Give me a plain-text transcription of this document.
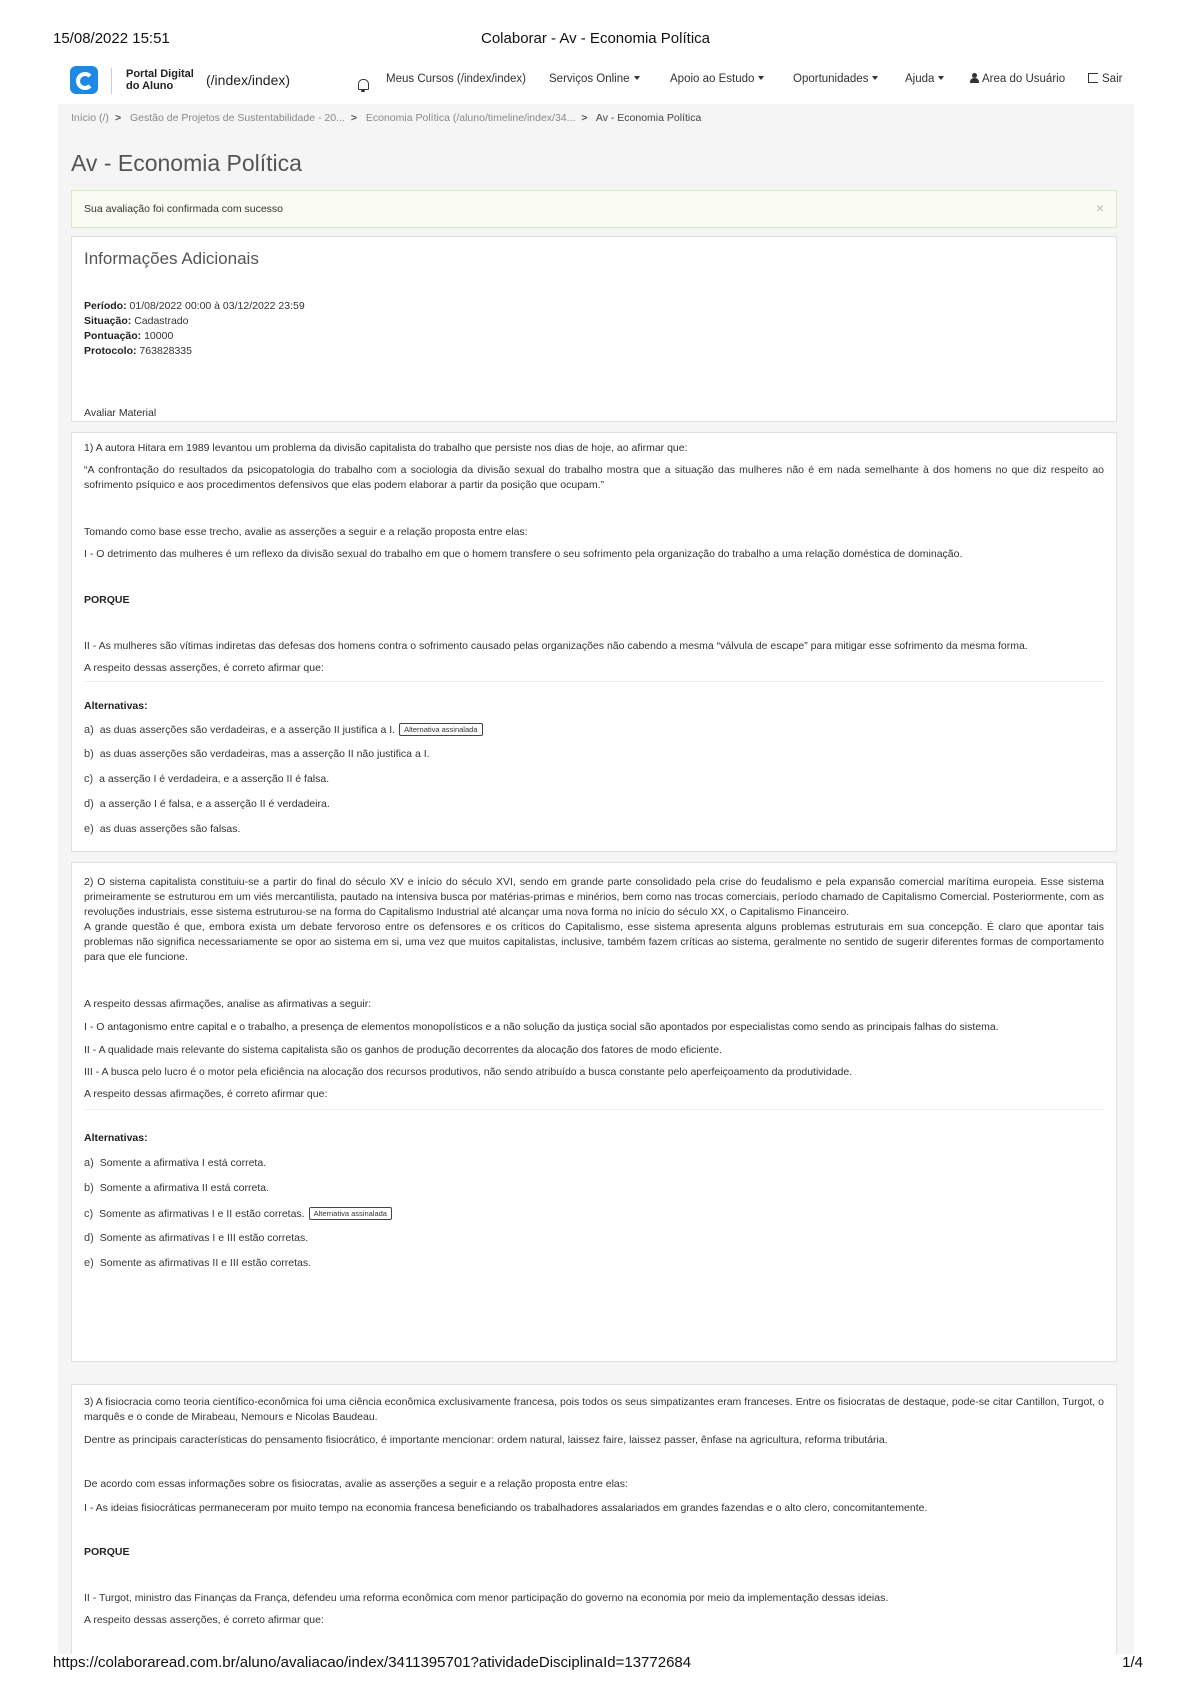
15/08/2022 15:51	Colaborar - Av - Economia Política
Portal Digital do Aluno	(/index/index)	Meus Cursos (/index/index) Serviços Online	Apoio ao Estudo	Oportunidades	Ajuda	Area do Usuário	Sair
Início (/) > Gestão de Projetos de Sustentabilidade - 20... > Economia Política (/aluno/timeline/index/34... > Av - Economia Política
Av - Economia Política
Sua avaliação foi confirmada com sucesso	×
Informações Adicionais
Período: 01/08/2022 00:00 à 03/12/2022 23:59
Situação: Cadastrado
Pontuação: 10000
Protocolo: 763828335
Avaliar Material

1) A autora Hitara em 1989 levantou um problema da divisão capitalista do trabalho que persiste nos dias de hoje, ao afirmar que:

“A confrontação do resultados da psicopatologia do trabalho com a sociologia da divisão sexual do trabalho mostra que a situação das mulheres não é em nada semelhante à dos homens no que diz respeito ao sofrimento psíquico e aos procedimentos defensivos que elas podem elaborar a partir da posição que ocupam.”

Tomando como base esse trecho, avalie as asserções a seguir e a relação proposta entre elas:

I - O detrimento das mulheres é um reflexo da divisão sexual do trabalho em que o homem transfere o seu sofrimento pela organização do trabalho a uma relação doméstica de dominação.

PORQUE

II - As mulheres são vítimas indiretas das defesas dos homens contra o sofrimento causado pelas organizações não cabendo a mesma “válvula de escape” para mitigar esse sofrimento da mesma forma.

A respeito dessas asserções, é correto afirmar que:

Alternativas:

a) as duas asserções são verdadeiras, e a asserção II justifica a I. Alternativa assinalada
b) as duas asserções são verdadeiras, mas a asserção II não justifica a I.
c) a asserção I é verdadeira, e a asserção II é falsa.
d) a asserção I é falsa, e a asserção II é verdadeira.
e) as duas asserções são falsas.

2) O sistema capitalista constituiu-se a partir do final do século XV e início do século XVI, sendo em grande parte consolidado pela crise do feudalismo e pela expansão comercial marítima europeia. Esse sistema primeiramente se estruturou em um viés mercantilista, pautado na intensiva busca por matérias-primas e minérios, bem como nas trocas comerciais, período chamado de Capitalismo Comercial. Posteriormente, com as revoluções industriais, esse sistema estruturou-se na forma do Capitalismo Industrial até alcançar uma nova forma no início do século XX, o Capitalismo Financeiro.

A grande questão é que, embora exista um debate fervoroso entre os defensores e os críticos do Capitalismo, esse sistema apresenta alguns problemas estruturais em sua concepção. É claro que apontar tais problemas não significa necessariamente se opor ao sistema em si, uma vez que muitos capitalistas, inclusive, também fazem críticas ao sistema, geralmente no sentido de sugerir diferentes formas de comportamento para que ele funcione.

A respeito dessas afirmações, analise as afirmativas a seguir:

I - O antagonismo entre capital e o trabalho, a presença de elementos monopolísticos e a não solução da justiça social são apontados por especialistas como sendo as principais falhas do sistema.

II - A qualidade mais relevante do sistema capitalista são os ganhos de produção decorrentes da alocação dos fatores de modo eficiente.

III - A busca pelo lucro é o motor pela eficiência na alocação dos recursos produtivos, não sendo atribuído a busca constante pelo aperfeiçoamento da produtividade.

A respeito dessas afirmações, é correto afirmar que:

Alternativas:

a) Somente a afirmativa I está correta.
b) Somente a afirmativa II está correta.
c) Somente as afirmativas I e II estão corretas. Alternativa assinalada
d) Somente as afirmativas I e III estão corretas.
e) Somente as afirmativas II e III estão corretas.

3) A fisiocracia como teoria científico-econômica foi uma ciência econômica exclusivamente francesa, pois todos os seus simpatizantes eram franceses. Entre os fisiocratas de destaque, pode-se citar Cantillon, Turgot, o marquês e o conde de Mirabeau, Nemours e Nicolas Baudeau.

Dentre as principais características do pensamento fisiocrático, é importante mencionar: ordem natural, laissez faire, laissez passer, ênfase na agricultura, reforma tributária.

De acordo com essas informações sobre os fisiocratas, avalie as asserções a seguir e a relação proposta entre elas:

I - As ideias fisiocráticas permaneceram por muito tempo na economia francesa beneficiando os trabalhadores assalariados em grandes fazendas e o alto clero, concomitantemente.

PORQUE

II - Turgot, ministro das Finanças da França, defendeu uma reforma econômica com menor participação do governo na economia por meio da implementação dessas ideias.

A respeito dessas asserções, é correto afirmar que:

https://colaboraread.com.br/aluno/avaliacao/index/3411395701?atividadeDisciplinaId=13772684	1/4
